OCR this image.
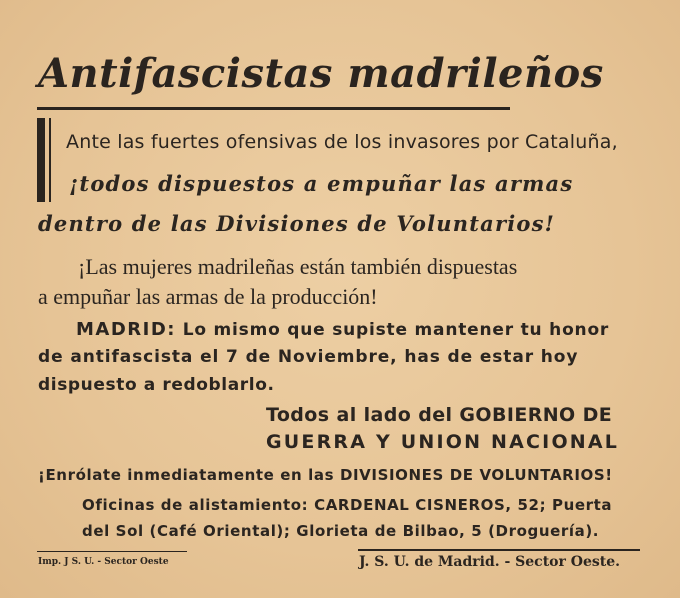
Antifascistas madrileños
Ante las fuertes ofensivas de los invasores por Cataluña,
¡todos dispuestos a empuñar las armas
dentro de las Divisiones de Voluntarios!
¡Las mujeres madrileñas están también dispuestas
a empuñar las armas de la producción!
MADRID: Lo mismo que supiste mantener tu honor
de antifascista el 7 de Noviembre, has de estar hoy
dispuesto a redoblarlo.
Todos al lado del GOBIERNO DE
GUERRA Y UNION NACIONAL
¡Enrólate inmediatamente en las DIVISIONES DE VOLUNTARIOS!
Oficinas de alistamiento: CARDENAL CISNEROS, 52; Puerta
del Sol (Café Oriental); Glorieta de Bilbao, 5 (Droguería).
Imp. J S. U. - Sector Oeste	J. S. U. de Madrid. - Sector Oeste.
